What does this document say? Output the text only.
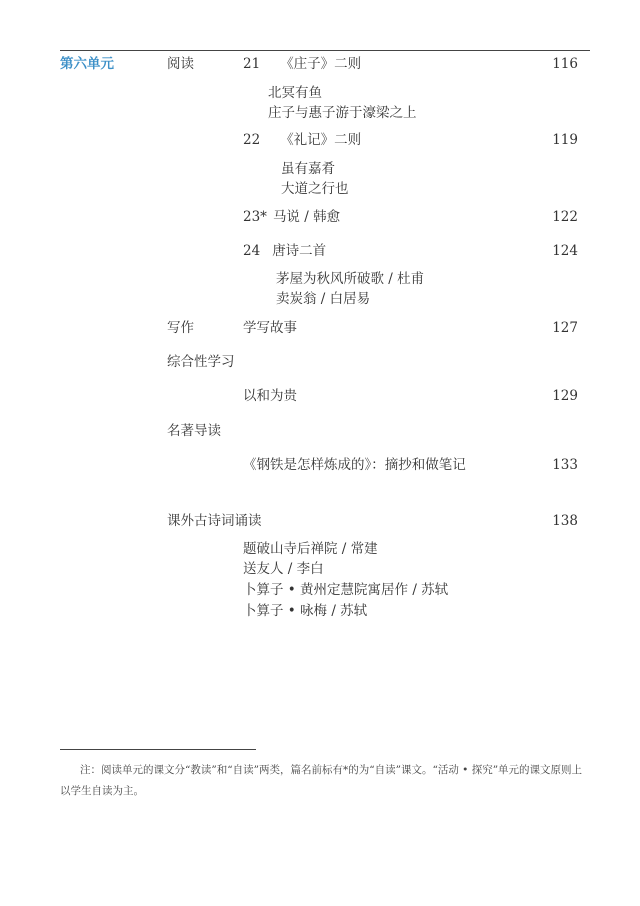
第六单元	阅读	21 《庄子》二则	116
北冥有鱼
庄子与惠子游于濠梁之上
22 《礼记》二则	119
虽有嘉肴
大道之行也
23* 马说 / 韩愈	122
24 唐诗二首	124
茅屋为秋风所破歌 / 杜甫
卖炭翁 / 白居易
写作	学写故事	127
综合性学习
以和为贵	129
名著导读
《钢铁是怎样炼成的》：摘抄和做笔记	133
课外古诗词诵读	138
题破山寺后禅院 / 常建
送友人 / 李白
卜算子 • 黄州定慧院寓居作 / 苏轼
卜算子 • 咏梅 / 苏轼
注：阅读单元的课文分“教读”和“自读”两类，篇名前标有*的为“自读”课文。“活动 • 探究”单元的课文原则上以学生自读为主。
